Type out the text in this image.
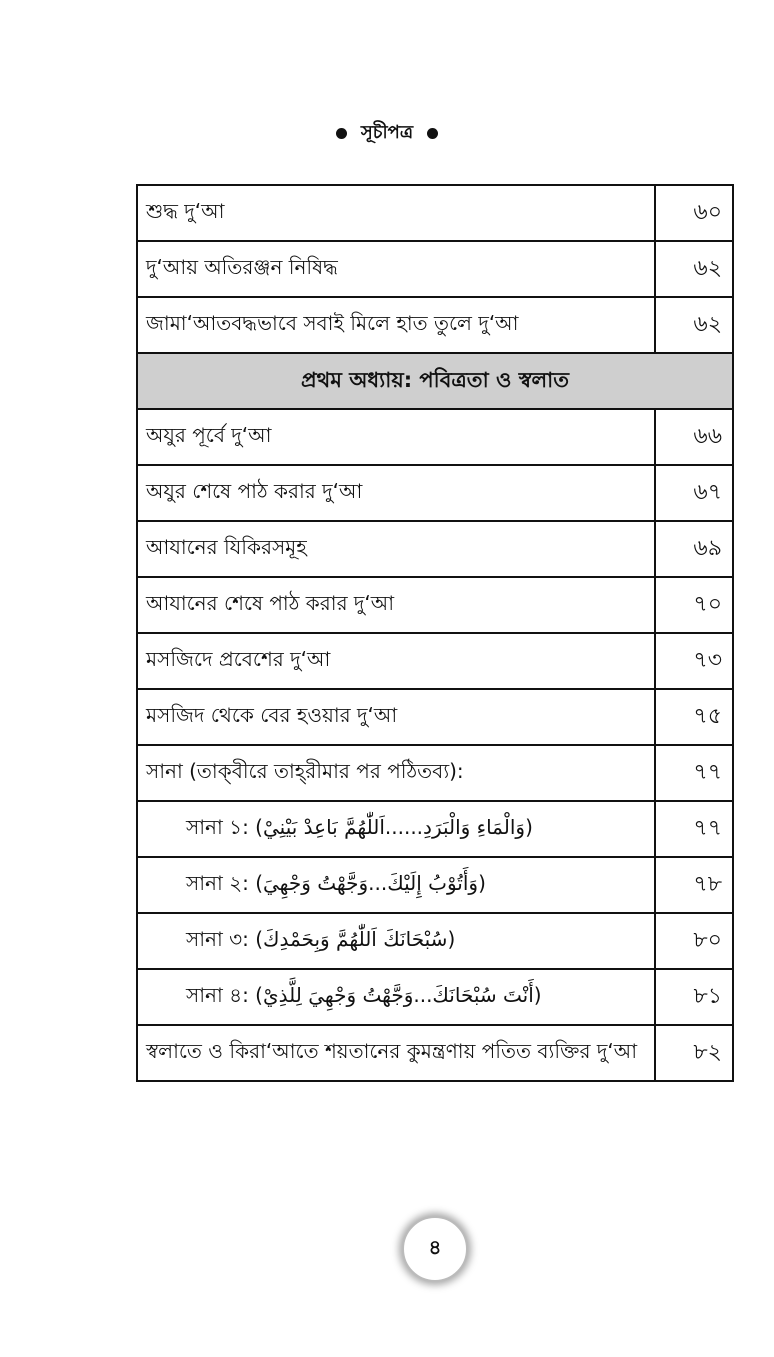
সূচীপত্র
শুদ্ধ দু‘আ	৬০
দু‘আয় অতিরঞ্জন নিষিদ্ধ	৬২
জামা‘আতবদ্ধভাবে সবাই মিলে হাত তুলে দু‘আ	৬২
প্রথম অধ্যায়: পবিত্রতা ও স্বলাত	
অযুর পূর্বে দু‘আ	৬৬
অযুর শেষে পাঠ করার দু‘আ	৬৭
আযানের যিকিরসমূহ	৬৯
আযানের শেষে পাঠ করার দু‘আ	৭০
মসজিদে প্রবেশের দু‘আ	৭৩
মসজিদ থেকে বের হওয়ার দু‘আ	৭৫
সানা (তাক্‌বীরে তাহ্‌রীমার পর পঠিতব্য):	৭৭
সানা ১: (وَالْمَاءِ وَالْبَرَدِ......اَللّٰهُمَّ بَاعِدْ بَيْنِيْ)	৭৭
সানা ২: (وَأَتُوْبُ إِلَيْكَ...وَجَّهْتُ وَجْهِيَ)	৭৮
সানা ৩: (سُبْحَانَكَ اَللّٰهُمَّ وَبِحَمْدِكَ)	৮০
সানা ৪: (أَنْتَ سُبْحَانَكَ...وَجَّهْتُ وَجْهِيَ لِلَّذِيْ)	৮১
স্বলাতে ও কিরা‘আতে শয়তানের কুমন্ত্রণায় পতিত ব্যক্তির দু‘আ	৮২
৪
